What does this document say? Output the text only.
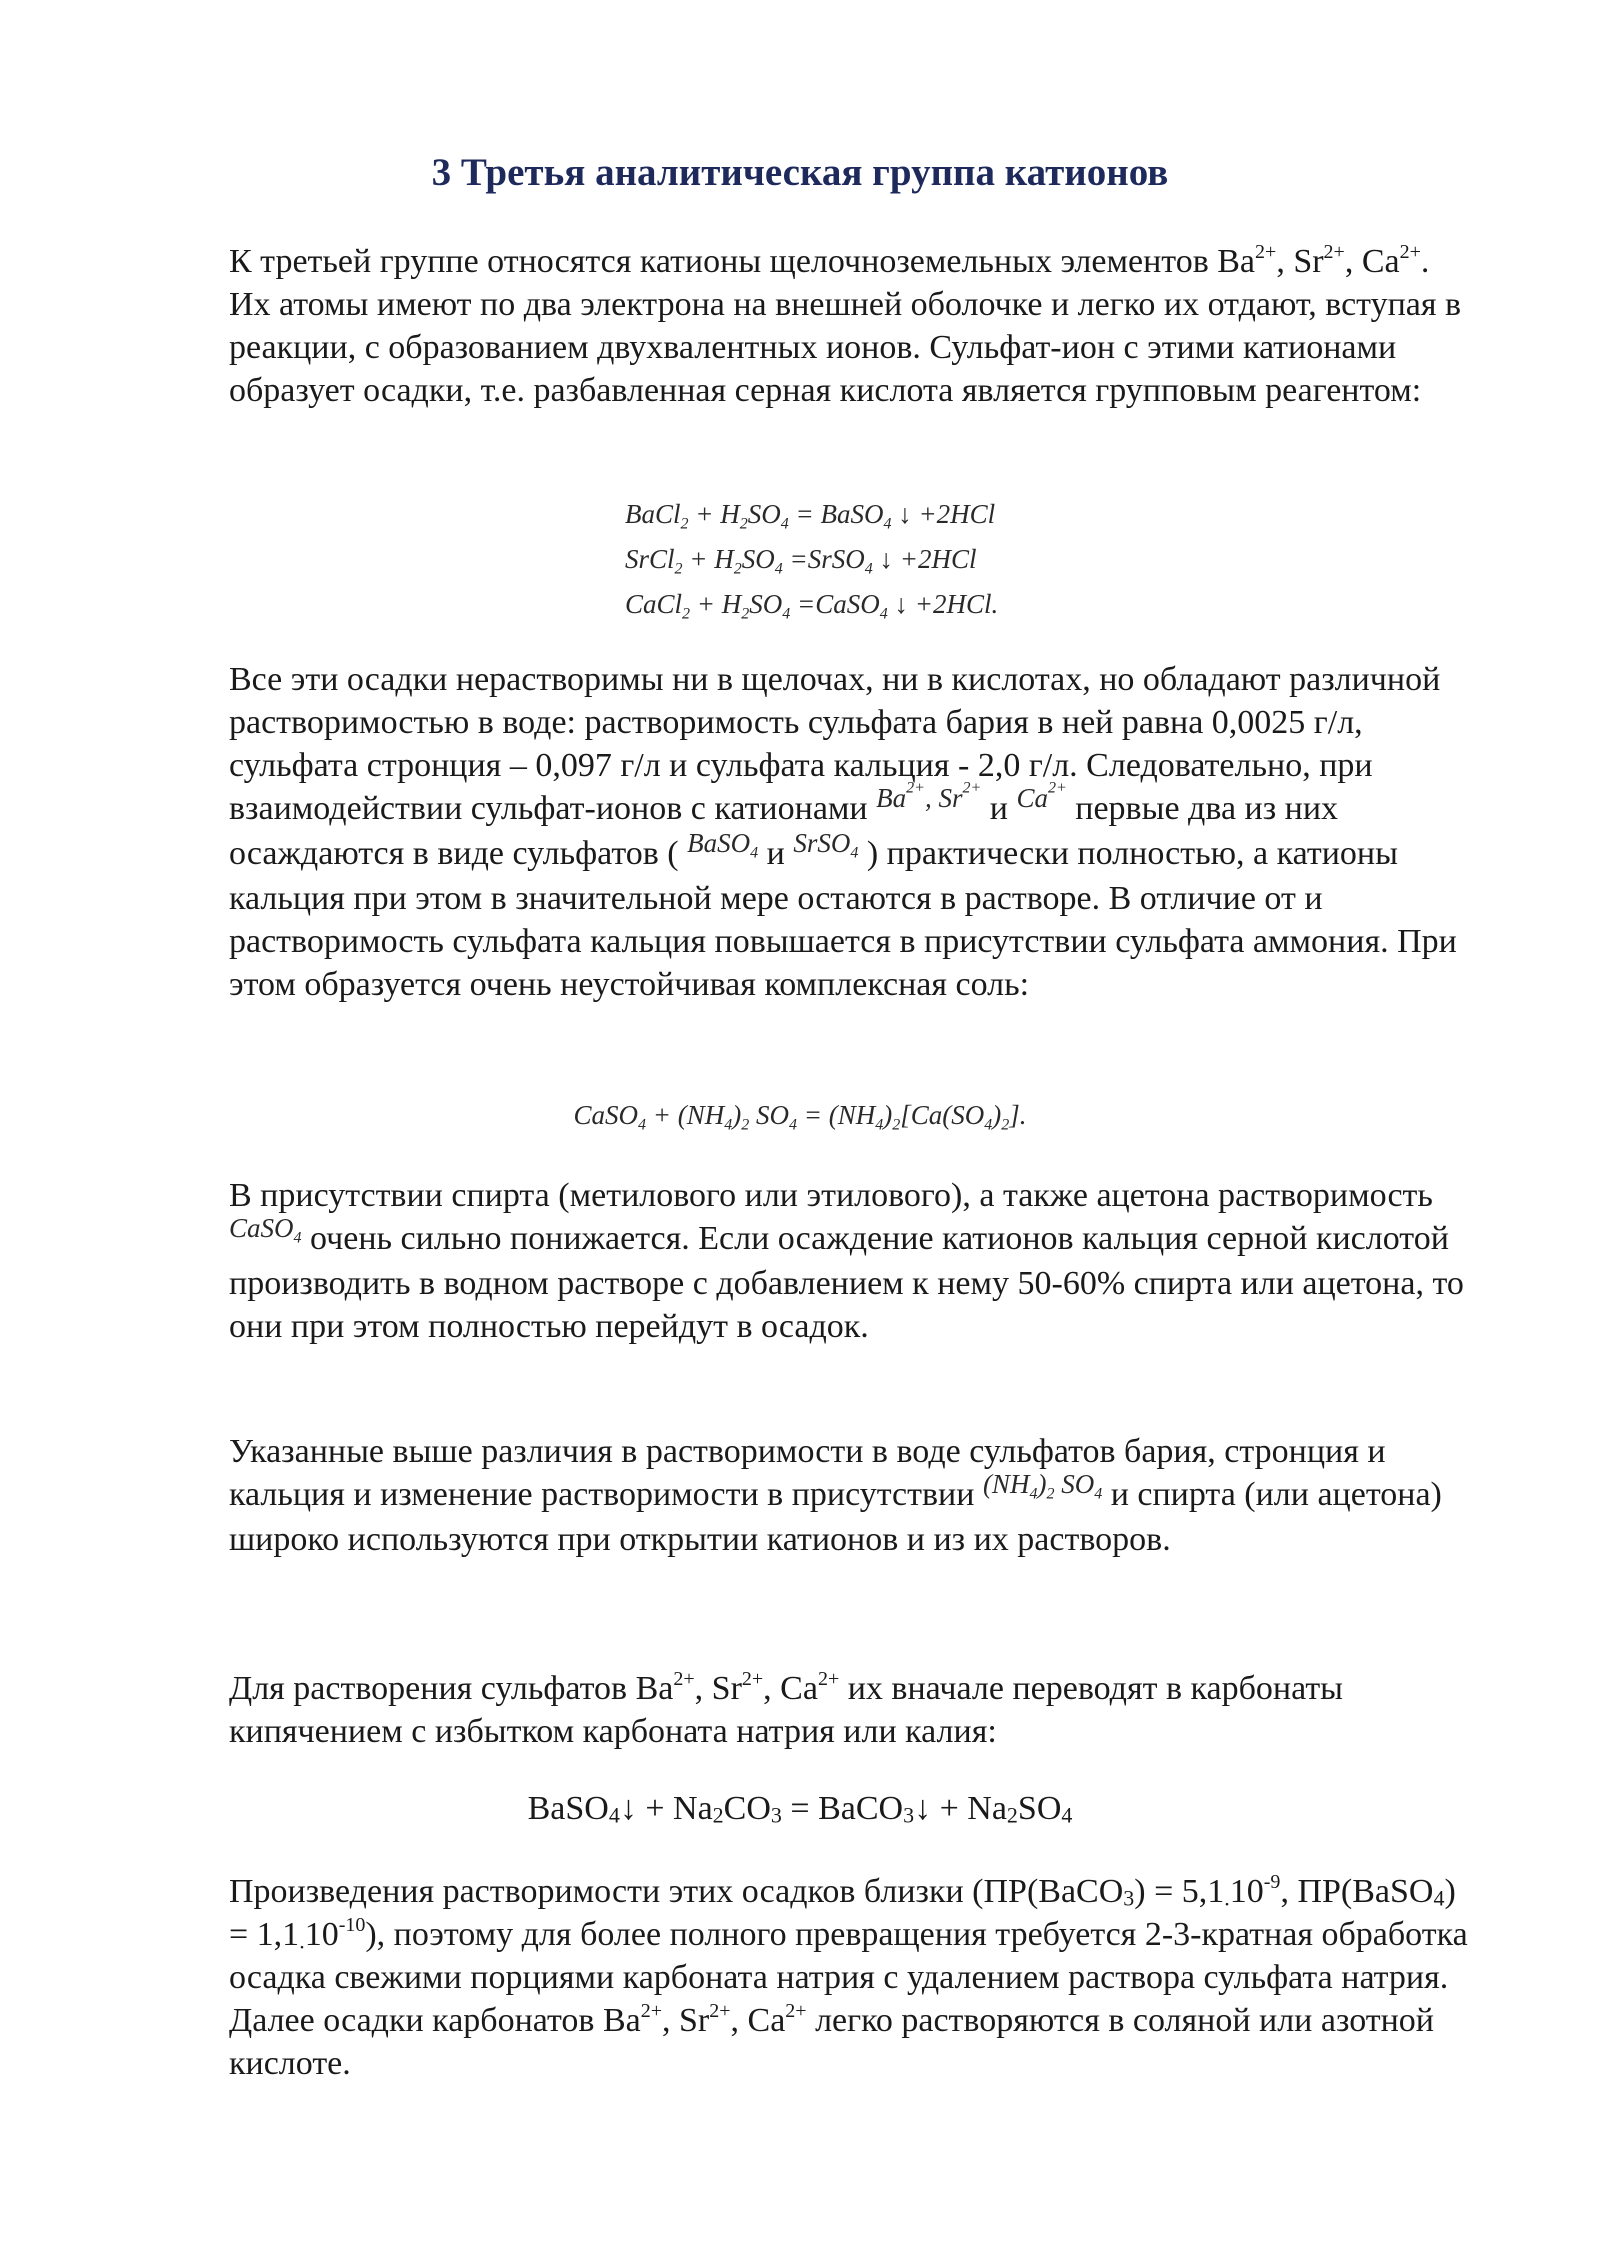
3 Третья аналитическая группа катионов

К третьей группе относятся катионы щелочноземельных элементов $Ba^{2+}$, $Sr^{2+}$, $Ca^{2+}$. Их атомы имеют по два электрона на внешней оболочке и легко их отдают, вступая в реакции, с образованием двухвалентных ионов. Сульфат-ион с этими катионами образует осадки, т.е. разбавленная серная кислота является групповым реагентом:

BaCl$_2$ + $H_2SO_4$ = BaSO$_4$ ↓ +2HCl
SrCl$_2$ + $H_2SO_4$ =SrSO$_4$ ↓ +2HCl
CaCl$_2$ + $H_2SO_4$ =CaSO$_4$ ↓ +2HCl.

Все эти осадки нерастворимы ни в щелочах, ни в кислотах, но обладают различной растворимостью в воде: растворимость сульфата бария в ней равна 0,0025 г/л, сульфата стронция – 0,097 г/л и сульфата кальция - 2,0 г/л. Следовательно, при взаимодействии сульфат-ионов с катионами $^{Ba^{2+}, Sr^{2+}}$ и $^{Ca^{2+}}$ первые два из них осаждаются в виде сульфатов ( $^{BaSO_4}$ и $^{SrSO_4}$ ) практически полностью, а катионы кальция при этом в значительной мере остаются в растворе. В отличие от и растворимость сульфата кальция повышается в присутствии сульфата аммония. При этом образуется очень неустойчивая комплексная соль:

CaSO$_4$ + $(NH_4)_2$ $SO_4 = (NH_4)_2[Ca(SO_4)_2]$.

В присутствии спирта (метилового или этилового), а также ацетона растворимость $^{CaSO_4}$ очень сильно понижается. Если осаждение катионов кальция серной кислотой производить в водном растворе с добавлением к нему 50-60% спирта или ацетона, то они при этом полностью перейдут в осадок.

Указанные выше различия в растворимости в воде сульфатов бария, стронция и кальция и изменение растворимости в присутствии $^{(NH_4)_2 SO_4}$ и спирта (или ацетона) широко используются при открытии катионов и из их растворов.

Для растворения сульфатов $Ba^{2+}$, $Sr^{2+}$, $Ca^{2+}$ их вначале переводят в карбонаты кипячением с избытком карбоната натрия или калия:

BaSO$_4$↓ + $Na_2CO_3$ = BaCO$_3$↓ + $Na_2SO_4$

Произведения растворимости этих осадков близки (ПР(BaCO$_3$) = $5,1_.10^{-9}$, ПР(BaSO$_4$) = $1,1_.10^{-10}$), поэтому для более полного превращения требуется 2-3-кратная обработка осадка свежими порциями карбоната натрия с удалением раствора сульфата натрия. Далее осадки карбонатов $Ba^{2+}$, $Sr^{2+}$, $Ca^{2+}$ легко растворяются в соляной или азотной кислоте.
